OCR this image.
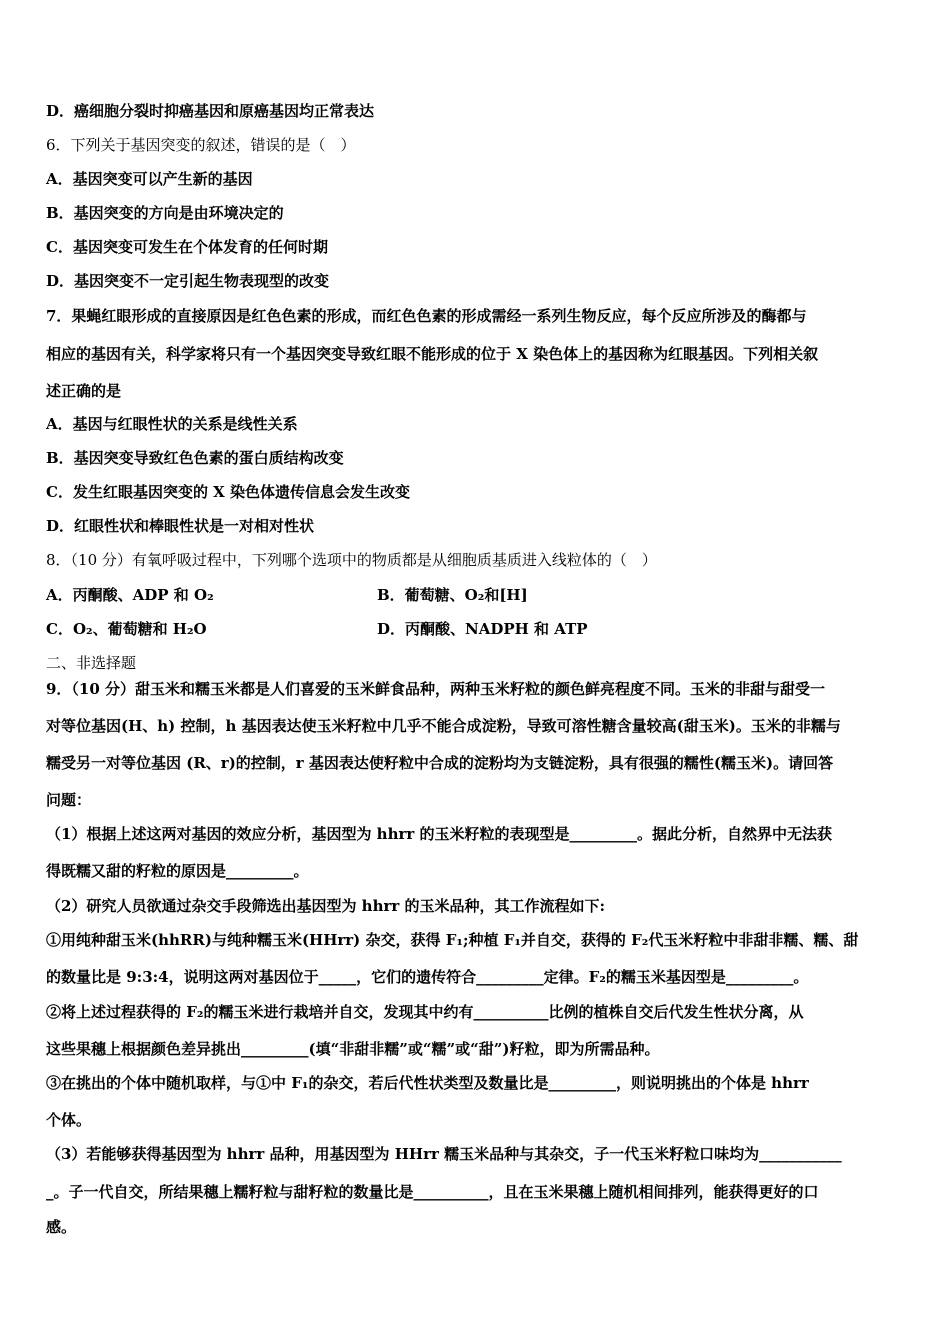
D．癌细胞分裂时抑癌基因和原癌基因均正常表达
6．下列关于基因突变的叙述，错误的是（　）
A．基因突变可以产生新的基因
B．基因突变的方向是由环境决定的
C．基因突变可发生在个体发育的任何时期
D．基因突变不一定引起生物表现型的改变
7．果蝇红眼形成的直接原因是红色色素的形成，而红色色素的形成需经一系列生物反应，每个反应所涉及的酶都与
相应的基因有关，科学家将只有一个基因突变导致红眼不能形成的位于 X 染色体上的基因称为红眼基因。下列相关叙
述正确的是
A．基因与红眼性状的关系是线性关系
B．基因突变导致红色色素的蛋白质结构改变
C．发生红眼基因突变的 X 染色体遗传信息会发生改变
D．红眼性状和棒眼性状是一对相对性状
8．（10 分）有氧呼吸过程中，下列哪个选项中的物质都是从细胞质基质进入线粒体的（　）
A．丙酮酸、ADP 和 O₂	B．葡萄糖、O₂和[H]
C．O₂、葡萄糖和 H₂O	D．丙酮酸、NADPH 和 ATP
二、非选择题
9．（10 分）甜玉米和糯玉米都是人们喜爱的玉米鲜食品种，两种玉米籽粒的颜色鲜亮程度不同。玉米的非甜与甜受一
对等位基因(H、h) 控制，h 基因表达使玉米籽粒中几乎不能合成淀粉，导致可溶性糖含量较高(甜玉米)。玉米的非糯与
糯受另一对等位基因 (R、r)的控制，r 基因表达使籽粒中合成的淀粉均为支链淀粉，具有很强的糯性(糯玉米)。请回答
问题：
（1）根据上述这两对基因的效应分析，基因型为 hhrr 的玉米籽粒的表现型是_________。据此分析，自然界中无法获
得既糯又甜的籽粒的原因是_________。
（2）研究人员欲通过杂交手段筛选出基因型为 hhrr 的玉米品种，其工作流程如下:
①用纯种甜玉米(hhRR)与纯种糯玉米(HHrr) 杂交，获得 F₁;种植 F₁并自交，获得的 F₂代玉米籽粒中非甜非糯、糯、甜
的数量比是 9:3:4，说明这两对基因位于_____，它们的遗传符合_________定律。F₂的糯玉米基因型是_________。
②将上述过程获得的 F₂的糯玉米进行栽培并自交，发现其中约有__________比例的植株自交后代发生性状分离，从
这些果穗上根据颜色差异挑出_________(填“非甜非糯”或“糯”或“甜”)籽粒，即为所需品种。
③在挑出的个体中随机取样，与①中 F₁的杂交，若后代性状类型及数量比是_________，则说明挑出的个体是 hhrr
个体。
（3）若能够获得基因型为 hhrr 品种，用基因型为 HHrr 糯玉米品种与其杂交，子一代玉米籽粒口味均为___________
_。子一代自交，所结果穗上糯籽粒与甜籽粒的数量比是__________，且在玉米果穗上随机相间排列，能获得更好的口
感。
